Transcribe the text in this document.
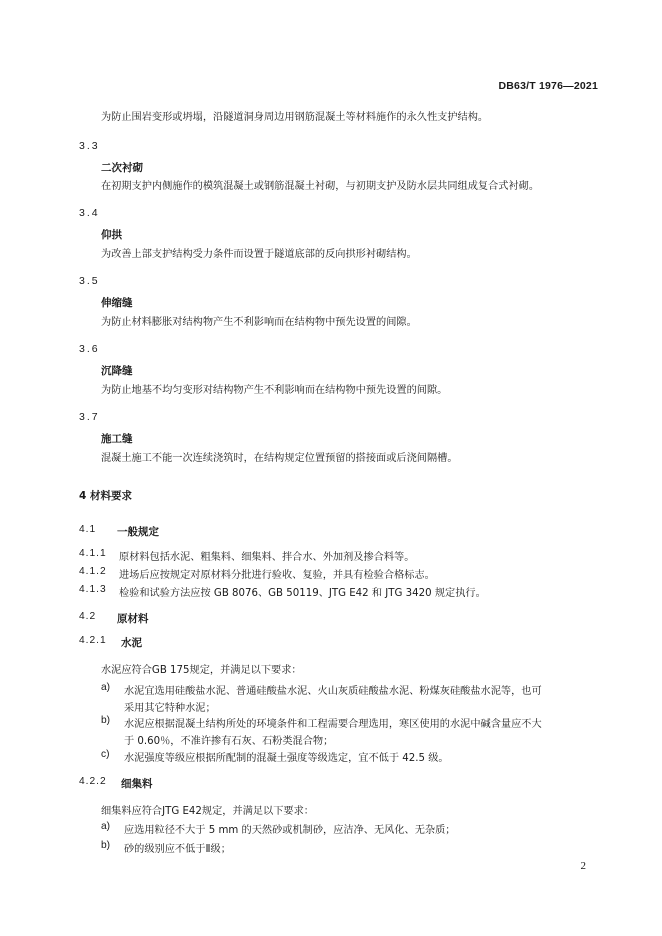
DB63/T 1976—2021
为防止围岩变形或坍塌，沿隧道洞身周边用钢筋混凝土等材料施作的永久性支护结构。
3.3
二次衬砌
在初期支护内侧施作的模筑混凝土或钢筋混凝土衬砌，与初期支护及防水层共同组成复合式衬砌。
3.4
仰拱
为改善上部支护结构受力条件而设置于隧道底部的反向拱形衬砌结构。
3.5
伸缩缝
为防止材料膨胀对结构物产生不利影响而在结构物中预先设置的间隙。
3.6
沉降缝
为防止地基不均匀变形对结构物产生不利影响而在结构物中预先设置的间隙。
3.7
施工缝
混凝土施工不能一次连续浇筑时，在结构规定位置预留的搭接面或后浇间隔槽。
4 材料要求
4.1 一般规定
4.1.1 原材料包括水泥、粗集料、细集料、拌合水、外加剂及掺合料等。
4.1.2 进场后应按规定对原材料分批进行验收、复验，并具有检验合格标志。
4.1.3 检验和试验方法应按 GB 8076、GB 50119、JTG E42 和 JTG 3420 规定执行。
4.2 原材料
4.2.1 水泥
水泥应符合GB 175规定，并满足以下要求：
a) 水泥宜选用硅酸盐水泥、普通硅酸盐水泥、火山灰质硅酸盐水泥、粉煤灰硅酸盐水泥等，也可
采用其它特种水泥；
b) 水泥应根据混凝土结构所处的环境条件和工程需要合理选用，寒区使用的水泥中碱含量应不大
于 0.60％，不准许掺有石灰、石粉类混合物；
c) 水泥强度等级应根据所配制的混凝土强度等级选定，宜不低于 42.5 级。
4.2.2 细集料
细集料应符合JTG E42规定，并满足以下要求：
a) 应选用粒径不大于 5 mm 的天然砂或机制砂，应洁净、无风化、无杂质；
b) 砂的级别应不低于Ⅱ级；
2
